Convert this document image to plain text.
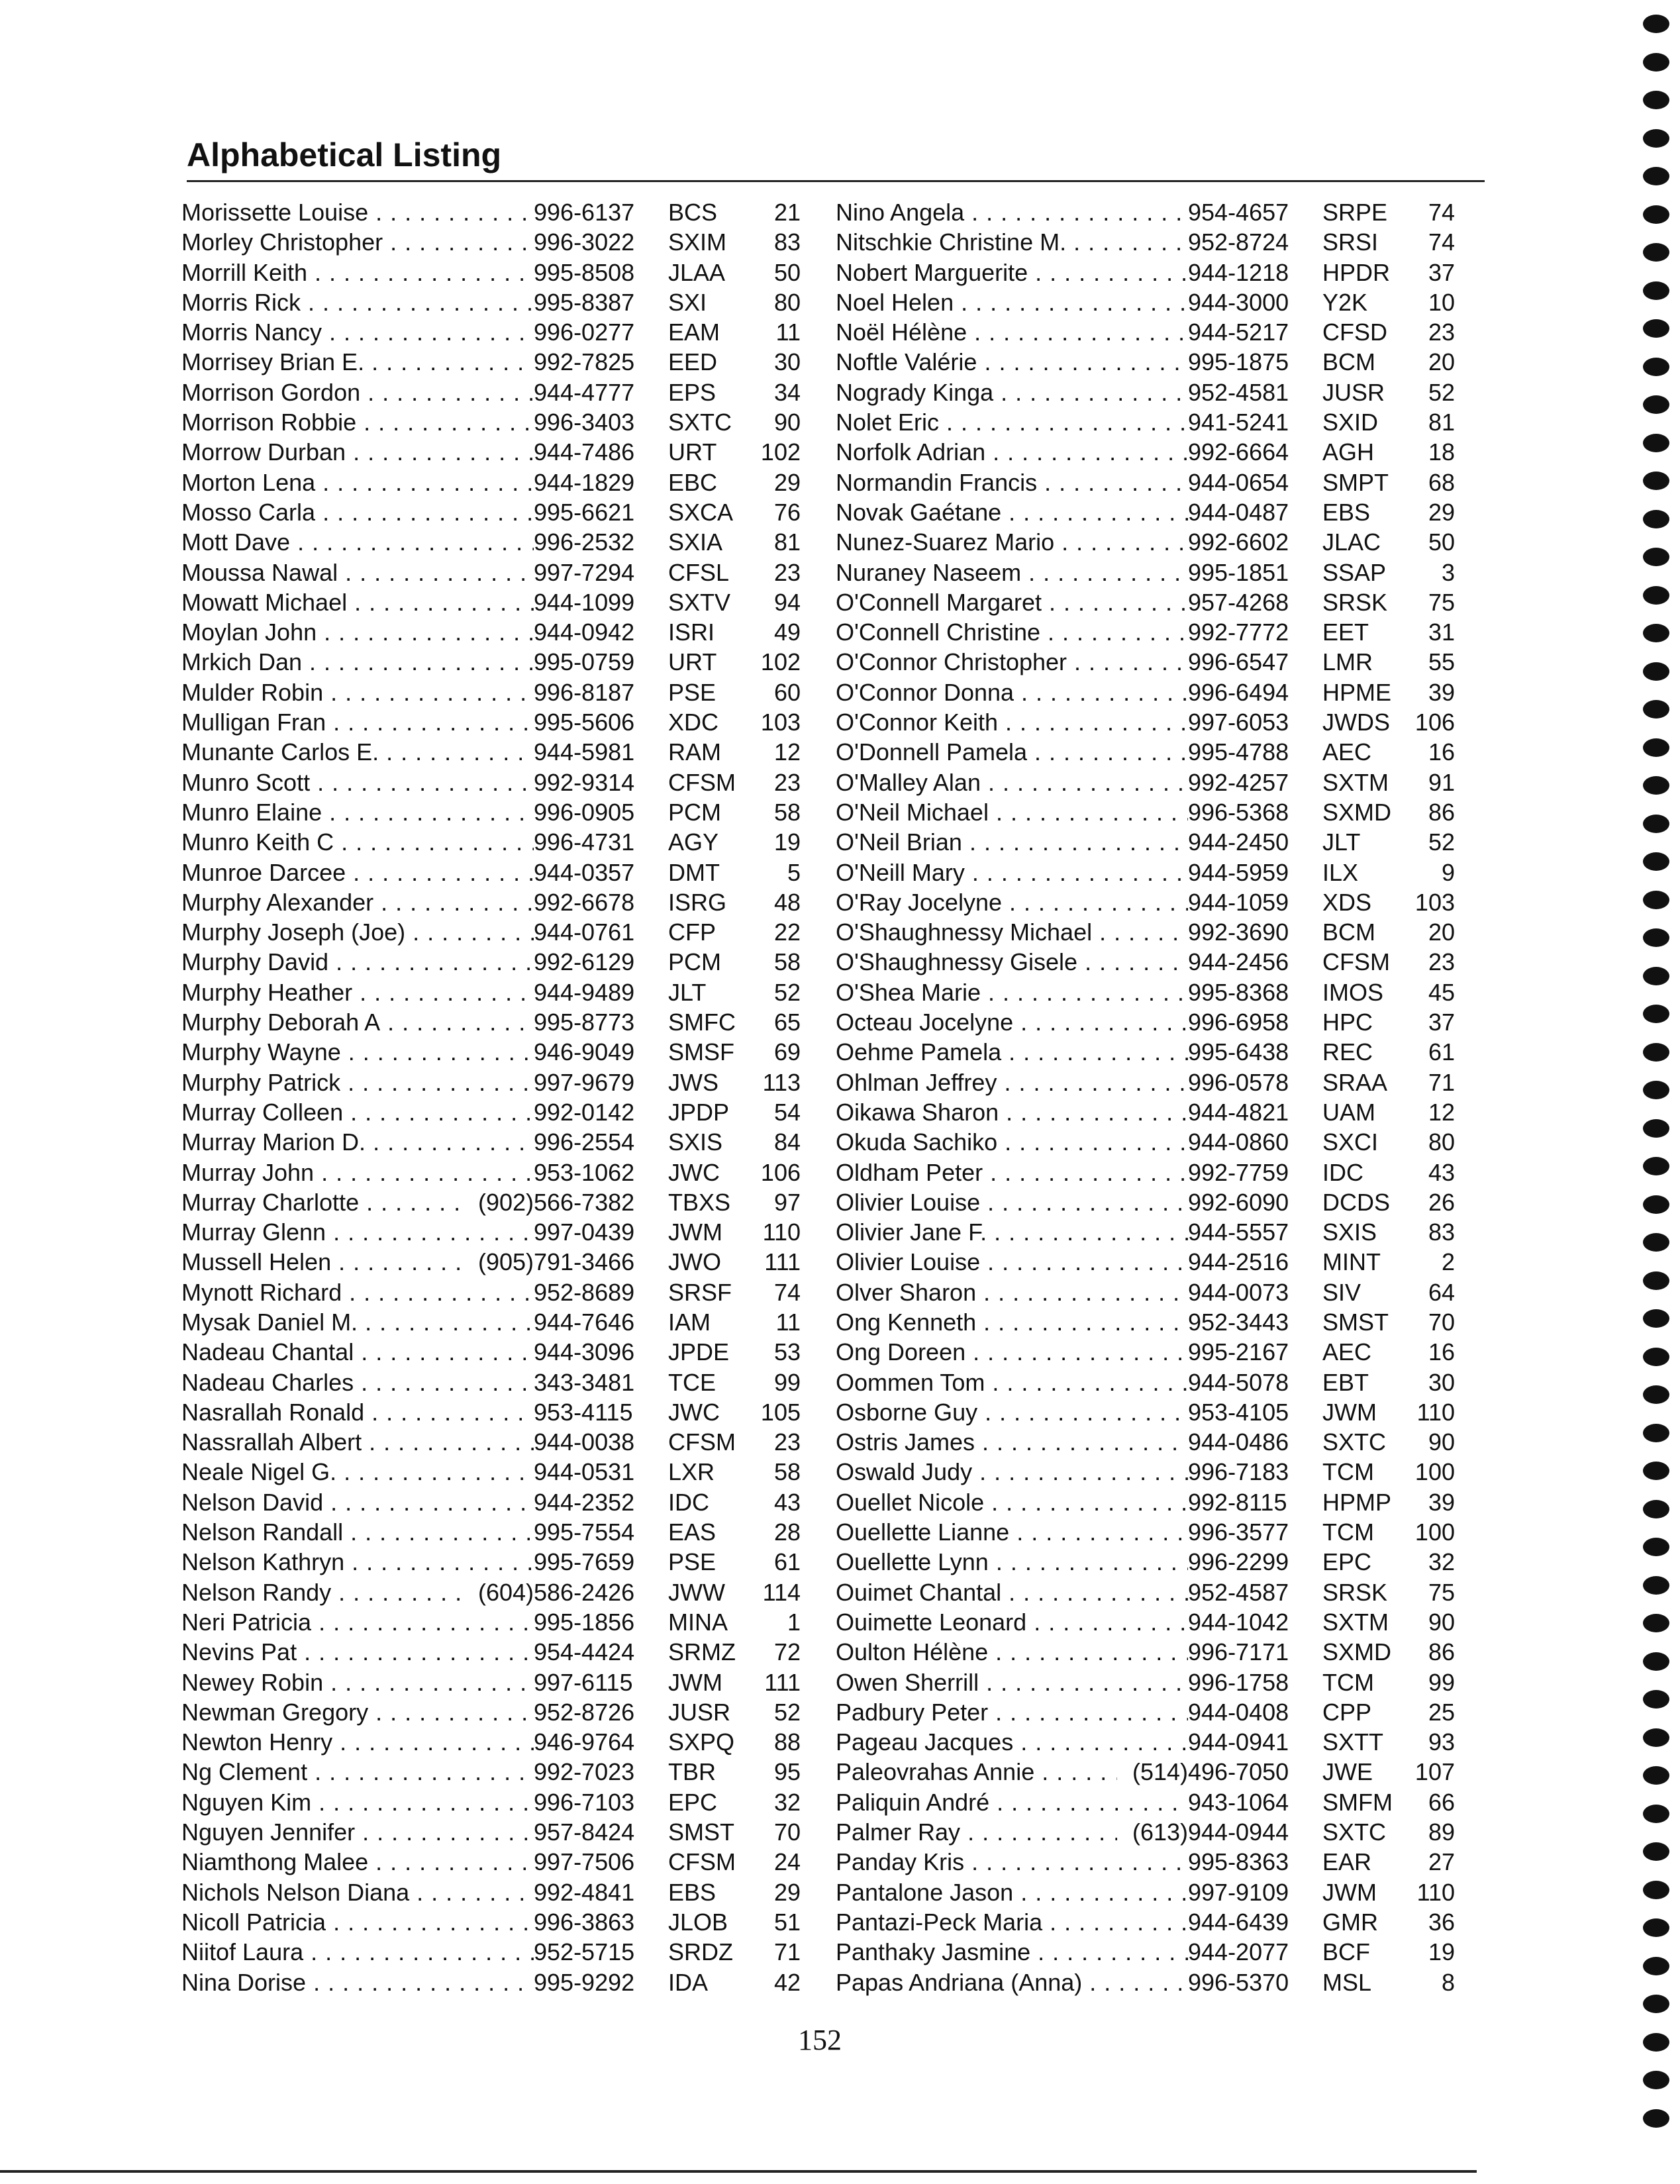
Alphabetical Listing
Morissette Louise . . .	996-6137 BCS	21
Morley Christopher . . .	996-3022 SXIM	83
Morrill Keith . . .	995-8508 JLAA	50
Morris Rick . . .	995-8387 SXI	80
Morris Nancy . . .	996-0277 EAM	11
Morrisey Brian E. . . .	992-7825 EED	30
Morrison Gordon . . .	944-4777 EPS	34
Morrison Robbie . . .	996-3403 SXTC	90
Morrow Durban . . .	944-7486 URT	102
Morton Lena . . .	944-1829 EBC	29
Mosso Carla . . .	995-6621 SXCA	76
Mott Dave . . .	996-2532 SXIA	81
Moussa Nawal . . .	997-7294 CFSL	23
Mowatt Michael . . .	944-1099 SXTV	94
Moylan John . . .	944-0942 ISRI	49
Mrkich Dan . . .	995-0759 URT	102
Mulder Robin . . .	996-8187 PSE	60
Mulligan Fran . . .	995-5606 XDC	103
Munante Carlos E. . . .	944-5981 RAM	12
Munro Scott . . .	992-9314 CFSM	23
Munro Elaine . . .	996-0905 PCM	58
Munro Keith C . . .	996-4731 AGY	19
Munroe Darcee . . .	944-0357 DMT	5
Murphy Alexander . . .	992-6678 ISRG	48
Murphy Joseph (Joe) . . .	944-0761 CFP	22
Murphy David . . .	992-6129 PCM	58
Murphy Heather . . .	944-9489 JLT	52
Murphy Deborah A . . .	995-8773 SMFC	65
Murphy Wayne . . .	946-9049 SMSF	69
Murphy Patrick . . .	997-9679 JWS	113
Murray Colleen . . .	992-0142 JPDP	54
Murray Marion D. . . .	996-2554 SXIS	84
Murray John . . .	953-1062 JWC	106
Murray Charlotte . . .	(902) 566-7382 TBXS	97
Murray Glenn . . .	997-0439 JWM	110
Mussell Helen . . .	(905) 791-3466 JWO	111
Mynott Richard . . .	952-8689 SRSF	74
Mysak Daniel M. . . .	944-7646 IAM	11
Nadeau Chantal . . .	944-3096 JPDE	53
Nadeau Charles . . .	343-3481 TCE	99
Nasrallah Ronald . . .	953-4115 JWC	105
Nassrallah Albert . . .	944-0038 CFSM	23
Neale Nigel G. . . .	944-0531 LXR	58
Nelson David . . .	944-2352 IDC	43
Nelson Randall . . .	995-7554 EAS	28
Nelson Kathryn . . .	995-7659 PSE	61
Nelson Randy . . .	(604) 586-2426 JWW	114
Neri Patricia . . .	995-1856 MINA	1
Nevins Pat . . .	954-4424 SRMZ	72
Newey Robin . . .	997-6115 JWM	111
Newman Gregory . . .	952-8726 JUSR	52
Newton Henry . . .	946-9764 SXPQ	88
Ng Clement . . .	992-7023 TBR	95
Nguyen Kim . . .	996-7103 EPC	32
Nguyen Jennifer . . .	957-8424 SMST	70
Niamthong Malee . . .	997-7506 CFSM	24
Nichols Nelson Diana . . .	992-4841 EBS	29
Nicoll Patricia . . .	996-3863 JLOB	51
Niitof Laura . . .	952-5715 SRDZ	71
Nina Dorise . . .	995-9292 IDA	42
Nino Angela . . .	954-4657 SRPE	74
Nitschkie Christine M. . . .	952-8724 SRSI	74
Nobert Marguerite . . .	944-1218 HPDR	37
Noel Helen . . .	944-3000 Y2K	10
Noël Hélène . . .	944-5217 CFSD	23
Noftle Valérie . . .	995-1875 BCM	20
Nogrady Kinga . . .	952-4581 JUSR	52
Nolet Eric . . .	941-5241 SXID	81
Norfolk Adrian . . .	992-6664 AGH	18
Normandin Francis . . .	944-0654 SMPT	68
Novak Gaétane . . .	944-0487 EBS	29
Nunez-Suarez Mario . . .	992-6602 JLAC	50
Nuraney Naseem . . .	995-1851 SSAP	3
O'Connell Margaret . . .	957-4268 SRSK	75
O'Connell Christine . . .	992-7772 EET	31
O'Connor Christopher . . .	996-6547 LMR	55
O'Connor Donna . . .	996-6494 HPME	39
O'Connor Keith . . .	997-6053 JWDS	106
O'Donnell Pamela . . .	995-4788 AEC	16
O'Malley Alan . . .	992-4257 SXTM	91
O'Neil Michael . . .	996-5368 SXMD	86
O'Neil Brian . . .	944-2450 JLT	52
O'Neill Mary . . .	944-5959 ILX	9
O'Ray Jocelyne . . .	944-1059 XDS	103
O'Shaughnessy Michael . . .	992-3690 BCM	20
O'Shaughnessy Gisele . . .	944-2456 CFSM	23
O'Shea Marie . . .	995-8368 IMOS	45
Octeau Jocelyne . . .	996-6958 HPC	37
Oehme Pamela . . .	995-6438 REC	61
Ohlman Jeffrey . . .	996-0578 SRAA	71
Oikawa Sharon . . .	944-4821 UAM	12
Okuda Sachiko . . .	944-0860 SXCI	80
Oldham Peter . . .	992-7759 IDC	43
Olivier Louise . . .	992-6090 DCDS	26
Olivier Jane F. . . .	944-5557 SXIS	83
Olivier Louise . . .	944-2516 MINT	2
Olver Sharon . . .	944-0073 SIV	64
Ong Kenneth . . .	952-3443 SMST	70
Ong Doreen . . .	995-2167 AEC	16
Oommen Tom . . .	944-5078 EBT	30
Osborne Guy . . .	953-4105 JWM	110
Ostris James . . .	944-0486 SXTC	90
Oswald Judy . . .	996-7183 TCM	100
Ouellet Nicole . . .	992-8115 HPMP	39
Ouellette Lianne . . .	996-3577 TCM	100
Ouellette Lynn . . .	996-2299 EPC	32
Ouimet Chantal . . .	952-4587 SRSK	75
Ouimette Leonard . . .	944-1042 SXTM	90
Oulton Hélène . . .	996-7171 SXMD	86
Owen Sherrill . . .	996-1758 TCM	99
Padbury Peter . . .	944-0408 CPP	25
Pageau Jacques . . .	944-0941 SXTT	93
Paleovrahas Annie . . .	(514) 496-7050 JWE	107
Paliquin André . . .	943-1064 SMFM	66
Palmer Ray . . .	(613) 944-0944 SXTC	89
Panday Kris . . .	995-8363 EAR	27
Pantalone Jason . . .	997-9109 JWM	110
Pantazi-Peck Maria . . .	944-6439 GMR	36
Panthaky Jasmine . . .	944-2077 BCF	19
Papas Andriana (Anna) . . .	996-5370 MSL	8
152
